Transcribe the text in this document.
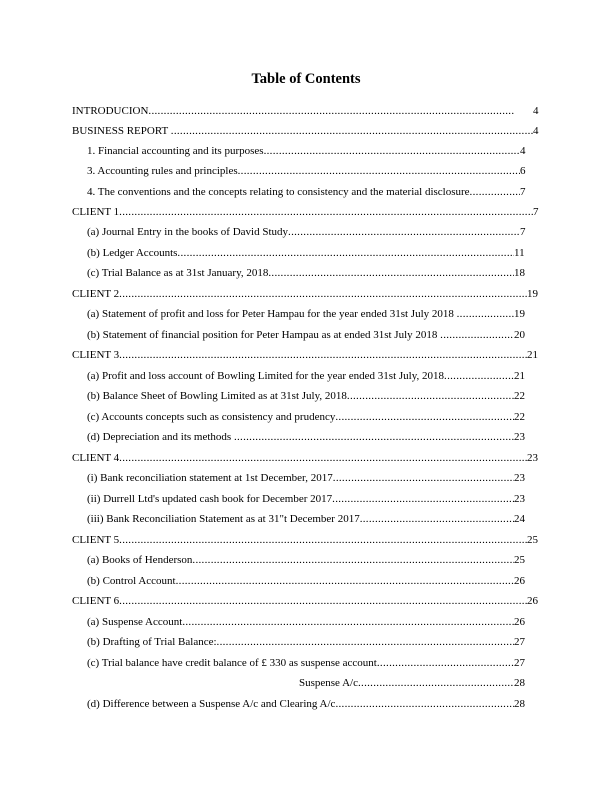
Table of Contents
INTRODUCION .....	4
BUSINESS REPORT .....	4
1. Financial accounting and its purposes .....	4
3. Accounting rules and principles .....	6
4. The conventions and the concepts relating to consistency and the material disclosure .....	7
CLIENT 1 .....	7
(a) Journal Entry in the books of David Study .....	7
(b) Ledger Accounts .....	11
(c) Trial Balance as at 31st January, 2018 .....	18
CLIENT 2 .....	19
(a) Statement of profit and loss for Peter Hampau for the year ended 31st July 2018 .....	19
(b) Statement of financial position for Peter Hampau as at ended 31st July 2018 .....	20
CLIENT 3 .....	21
(a) Profit and loss account of Bowling Limited for the year ended 31st July, 2018 .....	21
(b) Balance Sheet of Bowling Limited as at 31st July, 2018 .....	22
(c) Accounts concepts such as consistency and prudency .....	22
(d) Depreciation and its methods .....	23
CLIENT 4 .....	23
(i) Bank reconciliation statement at 1st December, 2017 .....	23
(ii) Durrell Ltd's updated cash book for December 2017 .....	23
(iii) Bank Reconciliation Statement as at 31"t December 2017 .....	24
CLIENT 5 .....	25
(a) Books of Henderson .....	25
(b) Control Account .....	26
CLIENT 6 .....	26
(a) Suspense Account .....	26
(b) Drafting of Trial Balance: .....	27
(c) Trial balance have credit balance of £ 330 as suspense account .....	27
Suspense A/c .....	28
(d) Difference between a Suspense A/c and Clearing A/c .....	28
